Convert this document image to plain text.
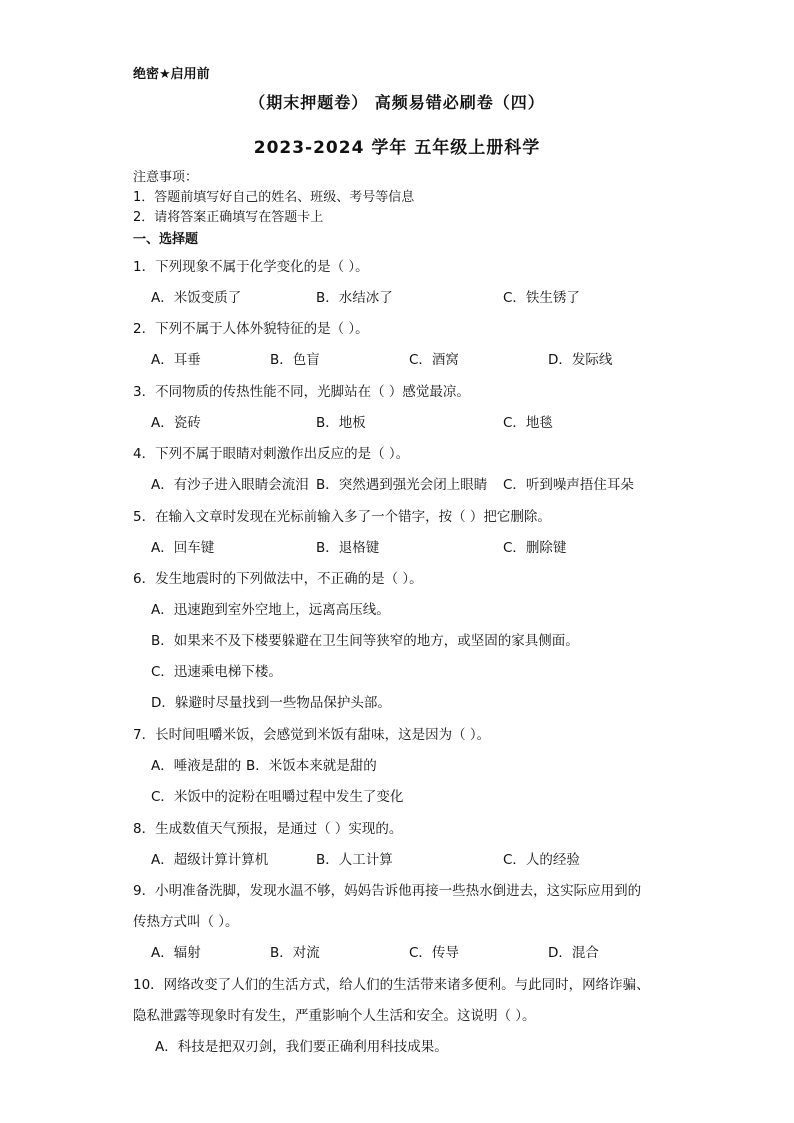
绝密★启用前
（期末押题卷） 高频易错必刷卷（四）
2023-2024 学年 五年级上册科学
注意事项：
1．答题前填写好自己的姓名、班级、考号等信息
2．请将答案正确填写在答题卡上
一、选择题
1．下列现象不属于化学变化的是（ ）。
A．米饭变质了	B．水结冰了	C．铁生锈了
2．下列不属于人体外貌特征的是（ ）。
A．耳垂	B．色盲	C．酒窝	D．发际线
3．不同物质的传热性能不同，光脚站在（ ）感觉最凉。
A．瓷砖	B．地板	C．地毯
4．下列不属于眼睛对刺激作出反应的是（ ）。
A．有沙子进入眼睛会流泪 B．突然遇到强光会闭上眼睛 C．听到噪声捂住耳朵
5．在输入文章时发现在光标前输入多了一个错字，按（ ）把它删除。
A．回车键	B．退格键	C．删除键
6．发生地震时的下列做法中，不正确的是（ ）。
A．迅速跑到室外空地上，远离高压线。
B．如果来不及下楼要躲避在卫生间等狭窄的地方，或坚固的家具侧面。
C．迅速乘电梯下楼。
D．躲避时尽量找到一些物品保护头部。
7．长时间咀嚼米饭，会感觉到米饭有甜味，这是因为（ ）。
A．唾液是甜的 B．米饭本来就是甜的
C．米饭中的淀粉在咀嚼过程中发生了变化
8．生成数值天气预报，是通过（ ）实现的。
A．超级计算计算机	B．人工计算	C．人的经验
9．小明准备洗脚，发现水温不够，妈妈告诉他再接一些热水倒进去，这实际应用到的
传热方式叫（ ）。
A．辐射	B．对流	C．传导	D．混合
10．网络改变了人们的生活方式，给人们的生活带来诸多便利。与此同时，网络诈骗、
隐私泄露等现象时有发生，严重影响个人生活和安全。这说明（ ）。
A．科技是把双刃剑，我们要正确利用科技成果。
